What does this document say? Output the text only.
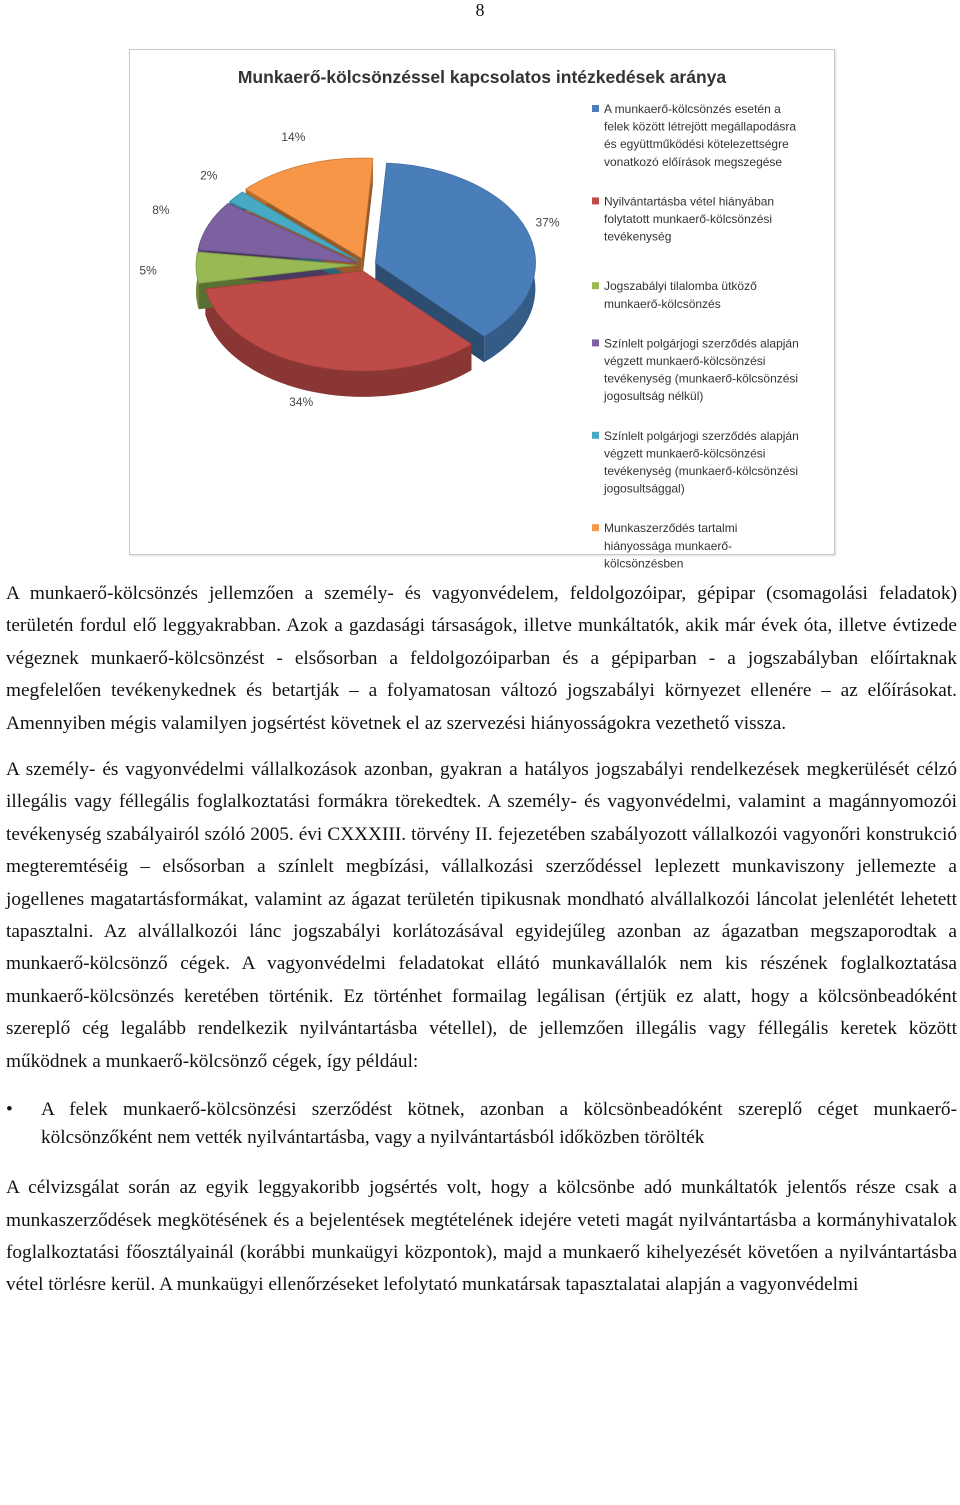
8
Munkaerő-kölcsönzéssel kapcsolatos intézkedések aránya
37%
34%
5%
8%
2%
14%
A munkaerő-kölcsönzés esetén a
felek között létrejött megállapodásra
és együttműködési kötelezettségre
vonatkozó előírások megszegése
Nyilvántartásba vétel hiányában
folytatott munkaerő-kölcsönzési
tevékenység
Jogszabályi tilalomba ütköző
munkaerő-kölcsönzés
Színlelt polgárjogi szerződés alapján
végzett munkaerő-kölcsönzési
tevékenység (munkaerő-kölcsönzési
jogosultság nélkül)
Színlelt polgárjogi szerződés alapján
végzett munkaerő-kölcsönzési
tevékenység (munkaerő-kölcsönzési
jogosultsággal)
Munkaszerződés tartalmi
hiányossága munkaerő-
kölcsönzésben

A munkaerő-kölcsönzés jellemzően a személy- és vagyonvédelem, feldolgozóipar, gépipar (csomagolási feladatok) területén fordul elő leggyakrabban. Azok a gazdasági társaságok, illetve munkáltatók, akik már évek óta, illetve évtizede végeznek munkaerő-kölcsönzést - elsősorban a feldolgozóiparban és a gépiparban - a jogszabályban előírtaknak megfelelően tevékenykednek és betartják – a folyamatosan változó jogszabályi környezet ellenére – az előírásokat. Amennyiben mégis valamilyen jogsértést követnek el az szervezési hiányosságokra vezethető vissza.

A személy- és vagyonvédelmi vállalkozások azonban, gyakran a hatályos jogszabályi rendelkezések megkerülését célzó illegális vagy féllegális foglalkoztatási formákra törekedtek. A személy- és vagyonvédelmi, valamint a magánnyomozói tevékenység szabályairól szóló 2005. évi CXXXIII. törvény II. fejezetében szabályozott vállalkozói vagyonőri konstrukció megteremtéséig – elsősorban a színlelt megbízási, vállalkozási szerződéssel leplezett munkaviszony jellemezte a jogellenes magatartásformákat, valamint az ágazat területén tipikusnak mondható alvállalkozói láncolat jelenlétét lehetett tapasztalni. Az alvállalkozói lánc jogszabályi korlátozásával egyidejűleg azonban az ágazatban megszaporodtak a munkaerő-kölcsönző cégek. A vagyonvédelmi feladatokat ellátó munkavállalók nem kis részének foglalkoztatása munkaerő-kölcsönzés keretében történik. Ez történhet formailag legálisan (értjük ez alatt, hogy a kölcsönbeadóként szereplő cég legalább rendelkezik nyilvántartásba vétellel), de jellemzően illegális vagy féllegális keretek között működnek a munkaerő-kölcsönző cégek, így például:

• A felek munkaerő-kölcsönzési szerződést kötnek, azonban a kölcsönbeadóként szereplő céget munkaerő-kölcsönzőként nem vették nyilvántartásba, vagy a nyilvántartásból időközben törölték

A célvizsgálat során az egyik leggyakoribb jogsértés volt, hogy a kölcsönbe adó munkáltatók jelentős része csak a munkaszerződések megkötésének és a bejelentések megtételének idejére veteti magát nyilvántartásba a kormányhivatalok foglalkoztatási főosztályainál (korábbi munkaügyi központok), majd a munkaerő kihelyezését követően a nyilvántartásba vétel törlésre kerül. A munkaügyi ellenőrzéseket lefolytató munkatársak tapasztalatai alapján a vagyonvédelmi
